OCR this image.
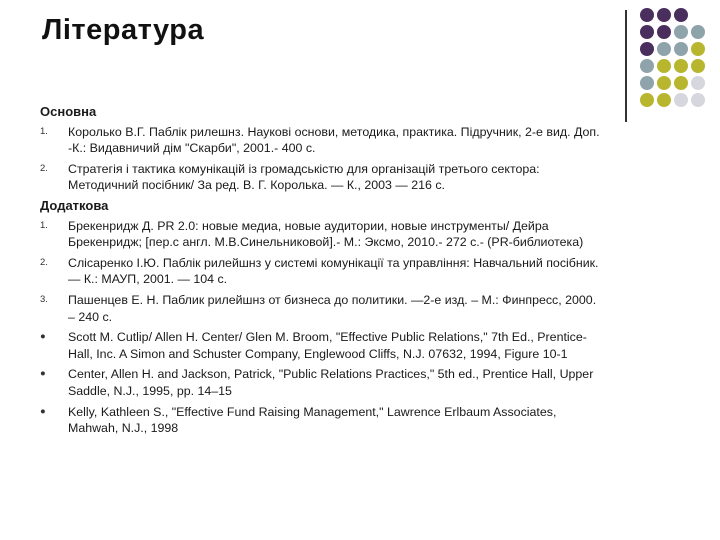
Література
Основна
1. Королько В.Г. Паблік рилешнз. Наукові основи, методика, практика. Підручник, 2-е вид. Доп.
-К.: Видавничий дім "Скарби", 2001.- 400 с.
2. Стратегія і тактика комунікацій із громадськістю для організацій третього сектора:
Методичний посібник/ За ред. В. Г. Королька. — К., 2003 — 216 с.
Додаткова
1. Брекенридж Д. PR 2.0: новые медиа, новые аудитории, новые инструменты/ Дейра
Брекенридж; [пер.с англ. М.В.Синельниковой].- М.: Эксмо, 2010.- 272 с.- (PR-библиотека)
2. Слісаренко І.Ю. Паблік рилейшнз у системі комунікації та управління: Навчальний посібник.
— К.: МАУП, 2001. — 104 с.
3. Пашенцев Е. Н. Паблик рилейшнз от бизнеса до политики. —2-е изд. – М.: Финпресс, 2000.
– 240 с.
● Scott M. Cutlip/ Allen H. Center/ Glen M. Broom, "Effective Public Relations," 7th Ed., Prentice-
Hall, Inc. A Simon and Schuster Company, Englewood Cliffs, N.J. 07632, 1994, Figure 10-1
● Center, Allen H. and Jackson, Patrick, "Public Relations Practices," 5th ed., Prentice Hall, Upper
Saddle, N.J., 1995, pp. 14–15
● Kelly, Kathleen S., "Effective Fund Raising Management," Lawrence Erlbaum Associates,
Mahwah, N.J., 1998
